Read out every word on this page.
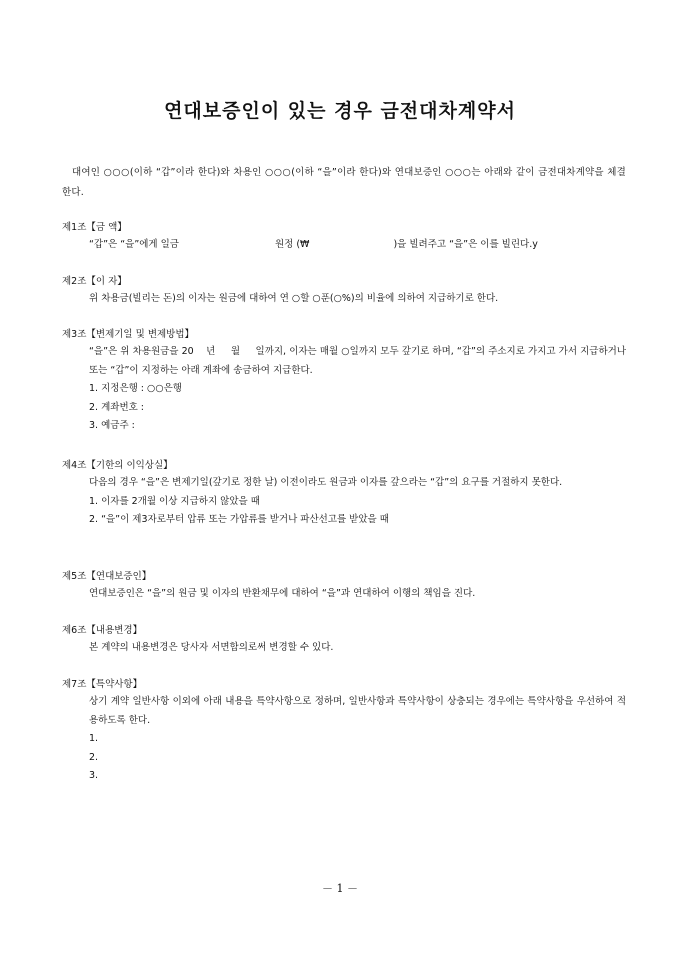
연대보증인이 있는 경우 금전대차계약서
대여인 ○○○(이하 “갑”이라 한다)와 차용인 ○○○(이하 “을”이라 한다)와 연대보증인 ○○○는 아래와 같이 금전대차계약을 체결한다.
제1조【금 액】
“갑”은 “을”에게 일금	원정 (₩	)을 빌려주고 “을”은 이를 빌린다.y
제2조【이 자】
위 차용금(빌리는 돈)의 이자는 원금에 대하여 연 ○할 ○푼(○%)의 비율에 의하여 지급하기로 한다.
제3조【변제기일 및 변제방법】
“을”은 위 차용원금을 20    년     월     일까지, 이자는 매월 ○일까지 모두 갚기로 하며, “갑”의 주소지로 가지고 가서 지급하거나 또는 “갑”이 지정하는 아래 계좌에 송금하여 지급한다.
1. 지정은행 : ○○은행
2. 계좌번호 :
3. 예금주 :
제4조【기한의 이익상실】
다음의 경우 “을”은 변제기일(갚기로 정한 날) 이전이라도 원금과 이자를 갚으라는 “갑”의 요구를 거절하지 못한다.
1. 이자를 2개월 이상 지급하지 않았을 때
2. “을”이 제3자로부터 압류 또는 가압류를 받거나 파산선고를 받았을 때
제5조【연대보증인】
연대보증인은 “을”의 원금 및 이자의 반환채무에 대하여 “을”과 연대하여 이행의 책임을 진다.
제6조【내용변경】
본 계약의 내용변경은 당사자 서면합의로써 변경할 수 있다.
제7조【특약사항】
상기 계약 일반사항 이외에 아래 내용을 특약사항으로 정하며, 일반사항과 특약사항이 상충되는 경우에는 특약사항을 우선하여 적용하도록 한다.
1.
2.
3.
－ 1 －
